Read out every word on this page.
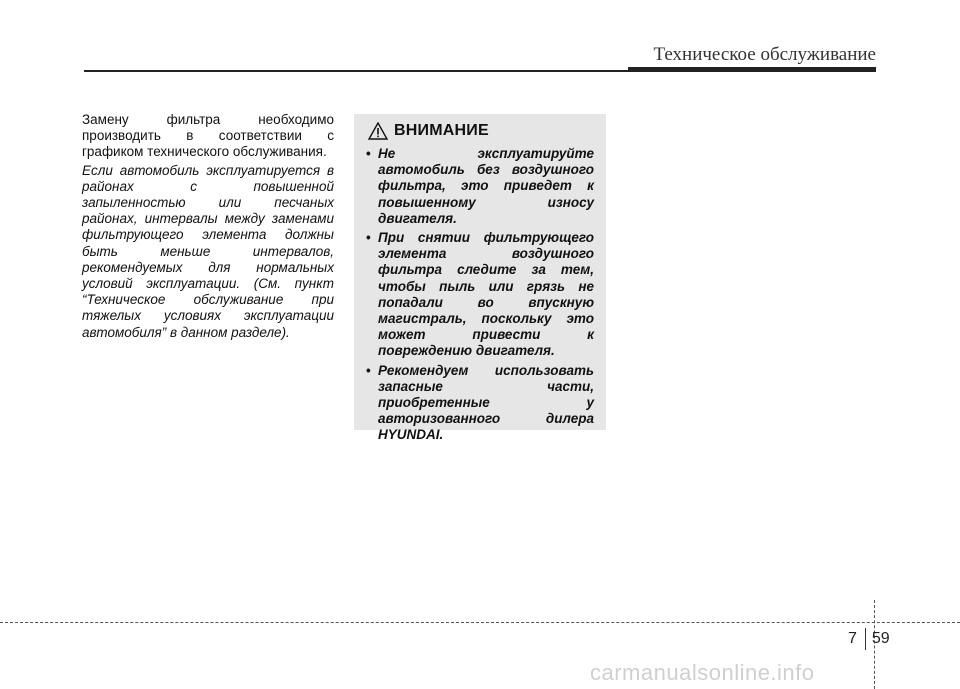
Техническое обслуживание

Замену фильтра необходимо производить в соответствии с графиком технического обслуживания.

Если автомобиль эксплуатируется в районах с повышенной запыленностью или песчаных районах, интервалы между заменами фильтрующего элемента должны быть меньше интервалов, рекомендуемых для нормальных условий эксплуатации. (См. пункт “Техническое обслуживание при тяжелых условиях эксплуатации автомобиля” в данном разделе).

ВНИМАНИЕ
• Не эксплуатируйте автомобиль без воздушного фильтра, это приведет к повышенному износу двигателя.
• При снятии фильтрующего элемента воздушного фильтра следите за тем, чтобы пыль или грязь не попадали во впускную магистраль, поскольку это может привести к повреждению двигателя.
• Рекомендуем использовать запасные части, приобретенные у авторизованного дилера HYUNDAI.
7 59
carmanualsonline.info
